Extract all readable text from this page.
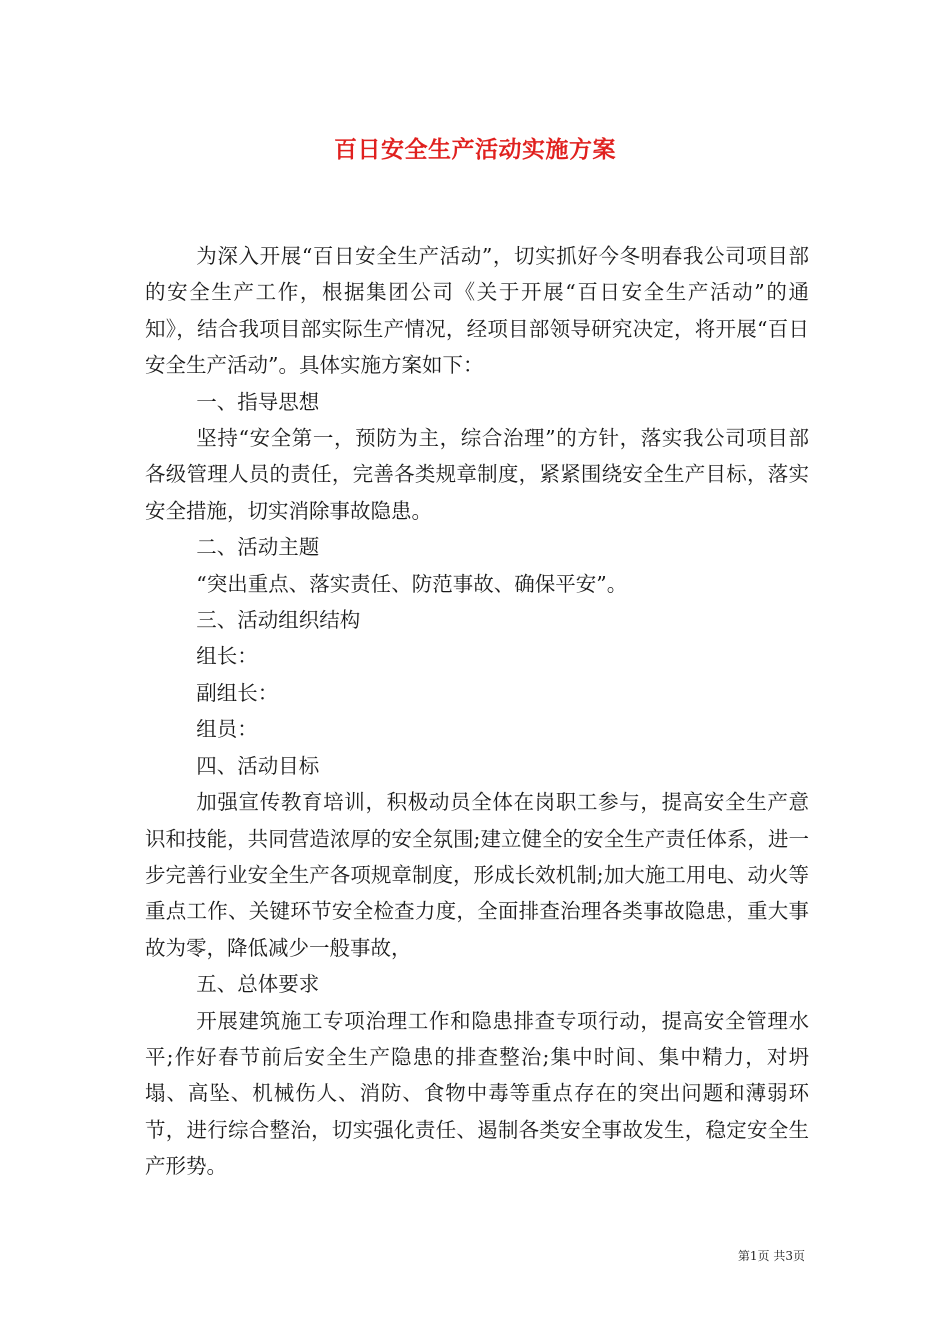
百日安全生产活动实施方案

为深入开展“百日安全生产活动”，切实抓好今冬明春我公司项目部的安全生产工作，根据集团公司《关于开展“百日安全生产活动”的通知》，结合我项目部实际生产情况，经项目部领导研究决定，将开展“百日安全生产活动”。具体实施方案如下：

一、指导思想

坚持“安全第一，预防为主，综合治理”的方针，落实我公司项目部各级管理人员的责任，完善各类规章制度，紧紧围绕安全生产目标，落实安全措施，切实消除事故隐患。

二、活动主题

“突出重点、落实责任、防范事故、确保平安”。

三、活动组织结构

组长：

副组长：

组员：

四、活动目标

加强宣传教育培训，积极动员全体在岗职工参与，提高安全生产意识和技能，共同营造浓厚的安全氛围;建立健全的安全生产责任体系，进一步完善行业安全生产各项规章制度，形成长效机制;加大施工用电、动火等重点工作、关键环节安全检查力度，全面排查治理各类事故隐患，重大事故为零，降低减少一般事故，

五、总体要求

开展建筑施工专项治理工作和隐患排查专项行动，提高安全管理水平;作好春节前后安全生产隐患的排查整治;集中时间、集中精力，对坍塌、高坠、机械伤人、消防、食物中毒等重点存在的突出问题和薄弱环节，进行综合整治，切实强化责任、遏制各类安全事故发生，稳定安全生产形势。

第1页 共3页
